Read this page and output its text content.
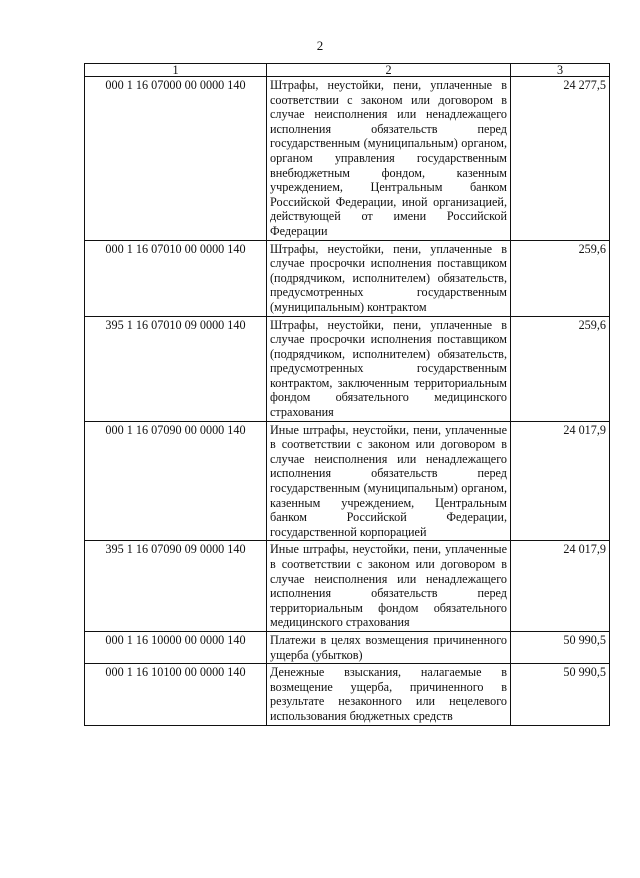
2
1	2	3
000 1 16 07000 00 0000 140	Штрафы, неустойки, пени, уплаченные в соответствии с законом или договором в случае неисполнения или ненадлежащего исполнения обязательств перед государственным (муниципальным) органом, органом управления государственным внебюджетным фондом, казенным учреждением, Центральным банком Российской Федерации, иной организацией, действующей от имени Российской Федерации	24 277,5
000 1 16 07010 00 0000 140	Штрафы, неустойки, пени, уплаченные в случае просрочки исполнения поставщиком (подрядчиком, исполнителем) обязательств, предусмотренных государственным (муниципальным) контрактом	259,6
395 1 16 07010 09 0000 140	Штрафы, неустойки, пени, уплаченные в случае просрочки исполнения поставщиком (подрядчиком, исполнителем) обязательств, предусмотренных государственным контрактом, заключенным территориальным фондом обязательного медицинского страхования	259,6
000 1 16 07090 00 0000 140	Иные штрафы, неустойки, пени, уплаченные в соответствии с законом или договором в случае неисполнения или ненадлежащего исполнения обязательств перед государственным (муниципальным) органом, казенным учреждением, Центральным банком Российской Федерации, государственной корпорацией	24 017,9
395 1 16 07090 09 0000 140	Иные штрафы, неустойки, пени, уплаченные в соответствии с законом или договором в случае неисполнения или ненадлежащего исполнения обязательств перед территориальным фондом обязательного медицинского страхования	24 017,9
000 1 16 10000 00 0000 140	Платежи в целях возмещения причиненного ущерба (убытков)	50 990,5
000 1 16 10100 00 0000 140	Денежные взыскания, налагаемые в возмещение ущерба, причиненного в результате незаконного или нецелевого использования бюджетных средств	50 990,5
